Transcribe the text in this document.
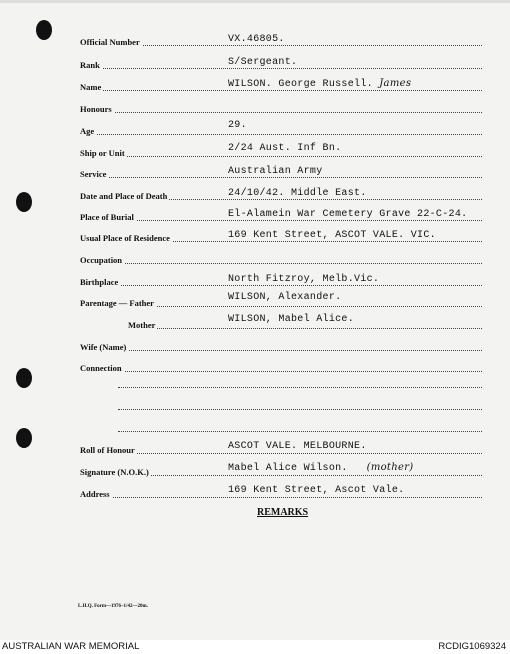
Official Number	VX.46805.
Rank	S/Sergeant.
Name	WILSON. George Russell. James
Honours
Age	29.
Ship or Unit	2/24 Aust. Inf Bn.
Service	Australian Army
Date and Place of Death	24/10/42. Middle East.
Place of Burial	El-Alamein War Cemetery Grave 22-C-24.
Usual Place of Residence	169 Kent Street, ASCOT VALE. VIC.
Occupation
Birthplace	North Fitzroy, Melb.Vic.
Parentage — Father	WILSON, Alexander.
Mother	WILSON, Mabel Alice.
Wife (Name)
Connection
Roll of Honour	ASCOT VALE. MELBOURNE.
Signature (N.O.K.)	Mabel Alice Wilson. (mother)
Address	169 Kent Street, Ascot Vale.
REMARKS
L.H.Q. Form—1976–1/42—20m.
AUSTRALIAN WAR MEMORIAL	RCDIG1069324
